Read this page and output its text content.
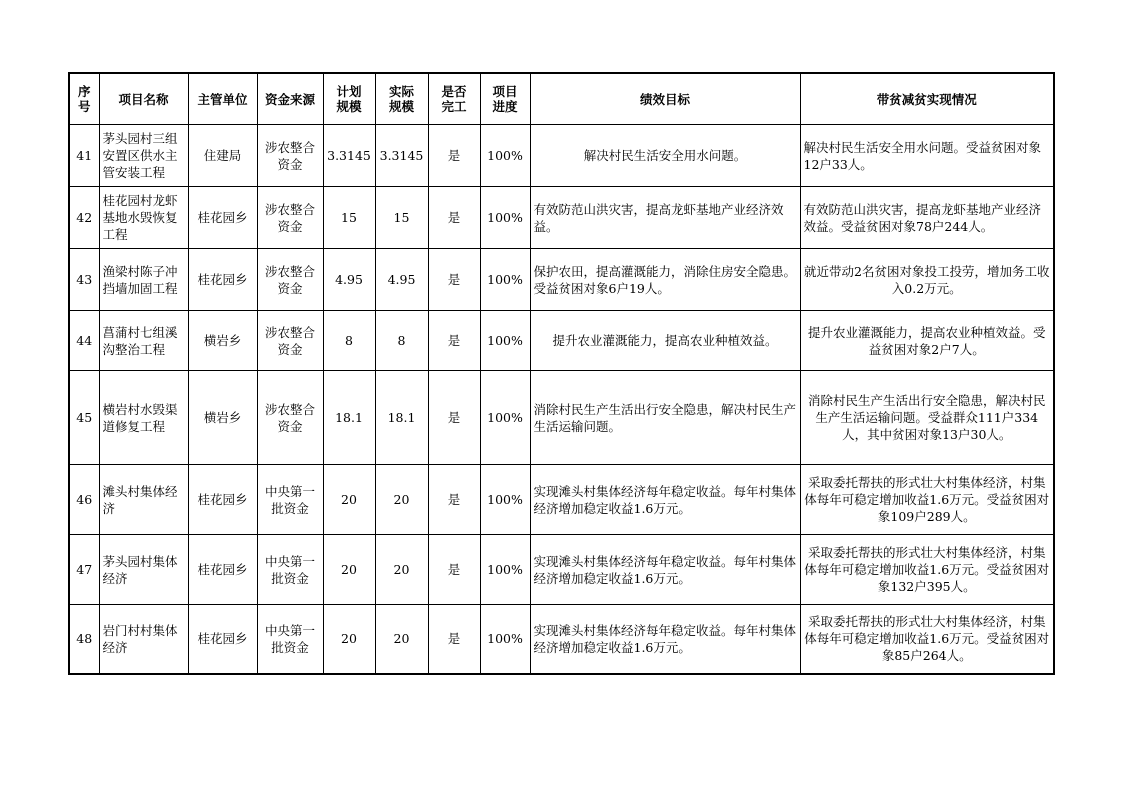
序号	项目名称	主管单位	资金来源	计划规模	实际规模	是否完工	项目进度	绩效目标	带贫减贫实现情况
41	茅头园村三组安置区供水主管安装工程	住建局	涉农整合资金	3.3145	3.3145	是	100%	解决村民生活安全用水问题。	解决村民生活安全用水问题。受益贫困对象12户33人。
42	桂花园村龙虾基地水毁恢复工程	桂花园乡	涉农整合资金	15	15	是	100%	有效防范山洪灾害，提高龙虾基地产业经济效益。	有效防范山洪灾害，提高龙虾基地产业经济效益。受益贫困对象78户244人。
43	渔梁村陈子冲挡墙加固工程	桂花园乡	涉农整合资金	4.95	4.95	是	100%	保护农田，提高灌溉能力，消除住房安全隐患。受益贫困对象6户19人。	就近带动2名贫困对象投工投劳，增加务工收入0.2万元。
44	菖蒲村七组溪沟整治工程	横岩乡	涉农整合资金	8	8	是	100%	提升农业灌溉能力，提高农业种植效益。	提升农业灌溉能力，提高农业种植效益。受益贫困对象2户7人。
45	横岩村水毁渠道修复工程	横岩乡	涉农整合资金	18.1	18.1	是	100%	消除村民生产生活出行安全隐患，解决村民生产生活运输问题。	消除村民生产生活出行安全隐患，解决村民生产生活运输问题。受益群众111户334人，其中贫困对象13户30人。
46	滩头村集体经济	桂花园乡	中央第一批资金	20	20	是	100%	实现滩头村集体经济每年稳定收益。每年村集体经济增加稳定收益1.6万元。	采取委托帮扶的形式壮大村集体经济，村集体每年可稳定增加收益1.6万元。受益贫困对象109户289人。
47	茅头园村集体经济	桂花园乡	中央第一批资金	20	20	是	100%	实现滩头村集体经济每年稳定收益。每年村集体经济增加稳定收益1.6万元。	采取委托帮扶的形式壮大村集体经济，村集体每年可稳定增加收益1.6万元。受益贫困对象132户395人。
48	岩门村村集体经济	桂花园乡	中央第一批资金	20	20	是	100%	实现滩头村集体经济每年稳定收益。每年村集体经济增加稳定收益1.6万元。	采取委托帮扶的形式壮大村集体经济，村集体每年可稳定增加收益1.6万元。受益贫困对象85户264人。
